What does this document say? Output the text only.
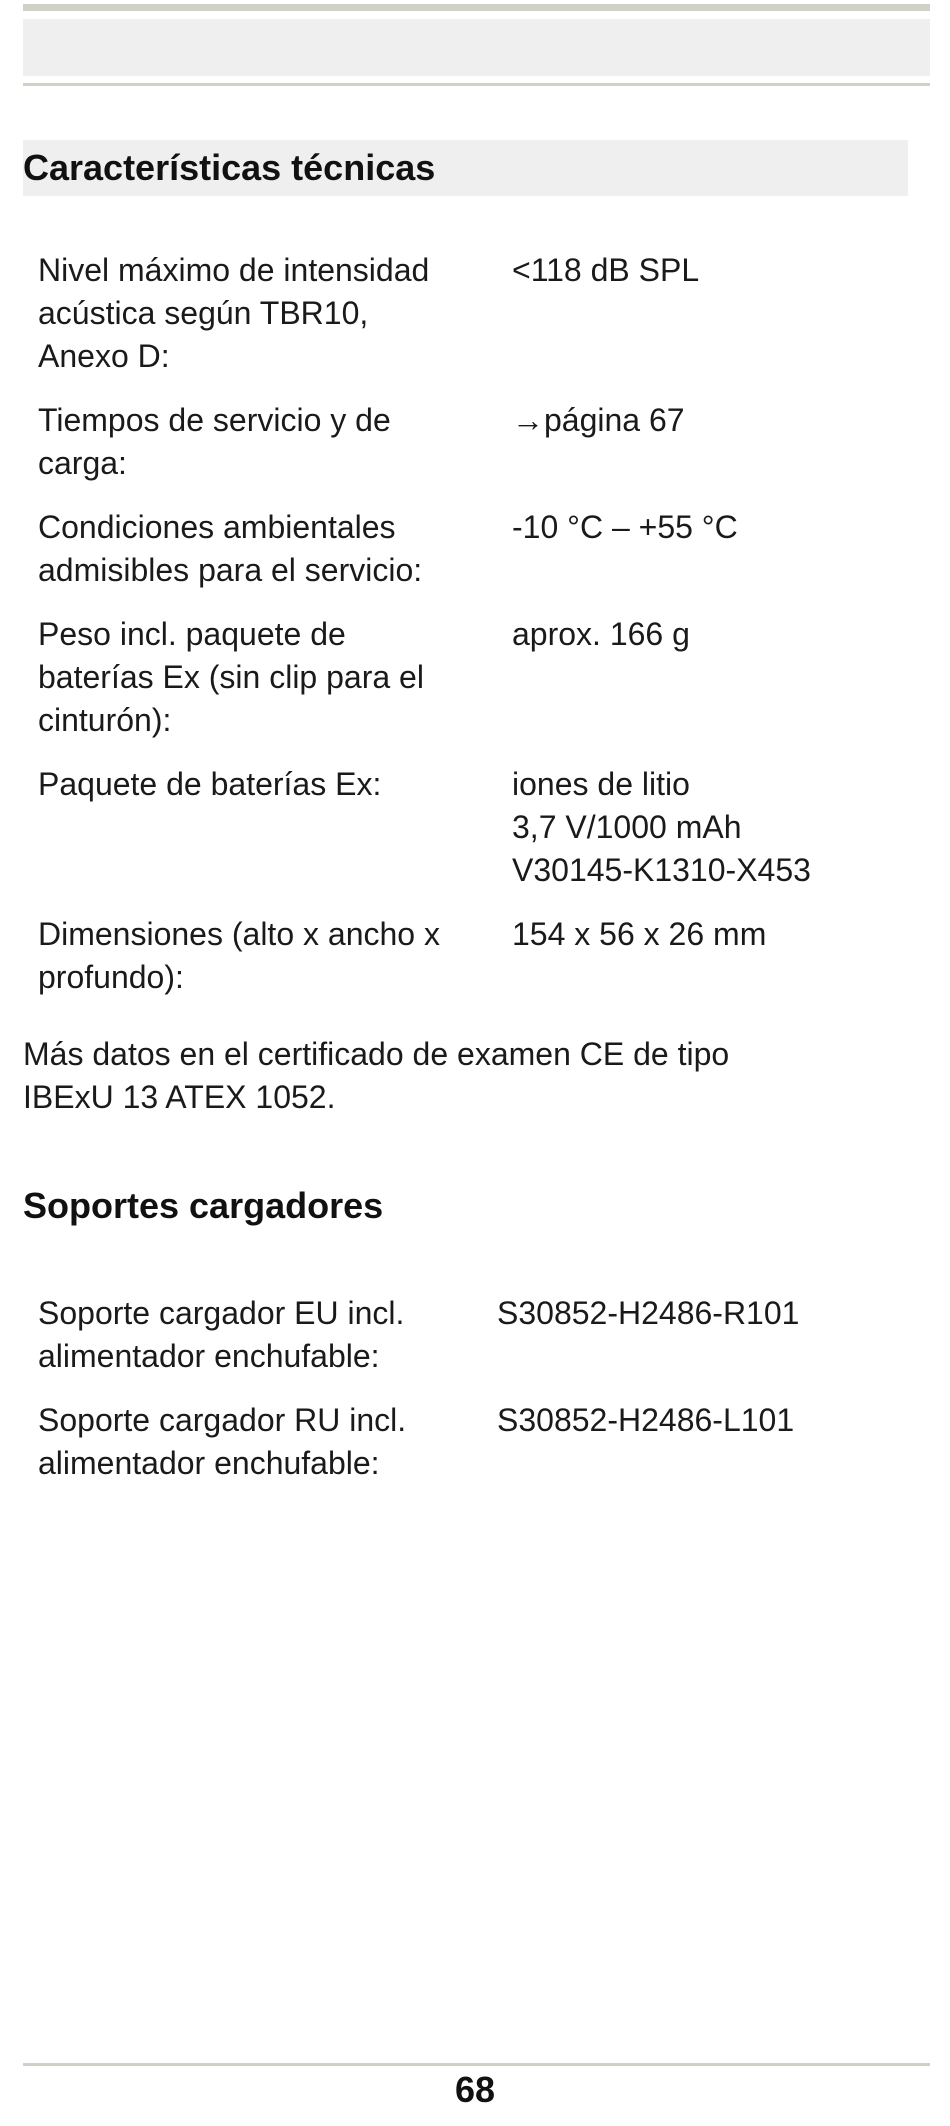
Características técnicas
Nivel máximo de intensidad
acústica según TBR10,
Anexo D:	<118 dB SPL

Tiempos de servicio y de
carga:	→página 67

Condiciones ambientales
admisibles para el servicio:	-10 °C – +55 °C

Peso incl. paquete de
baterías Ex (sin clip para el
cinturón):	aprox. 166 g

Paquete de baterías Ex:	iones de litio
3,7 V/1000 mAh
V30145-K1310-X453

Dimensiones (alto x ancho x
profundo):	154 x 56 x 26 mm

Más datos en el certificado de examen CE de tipo
IBExU 13 ATEX 1052.

Soportes cargadores
Soporte cargador EU incl.
alimentador enchufable:	S30852-H2486-R101

Soporte cargador RU incl.
alimentador enchufable:	S30852-H2486-L101
68
